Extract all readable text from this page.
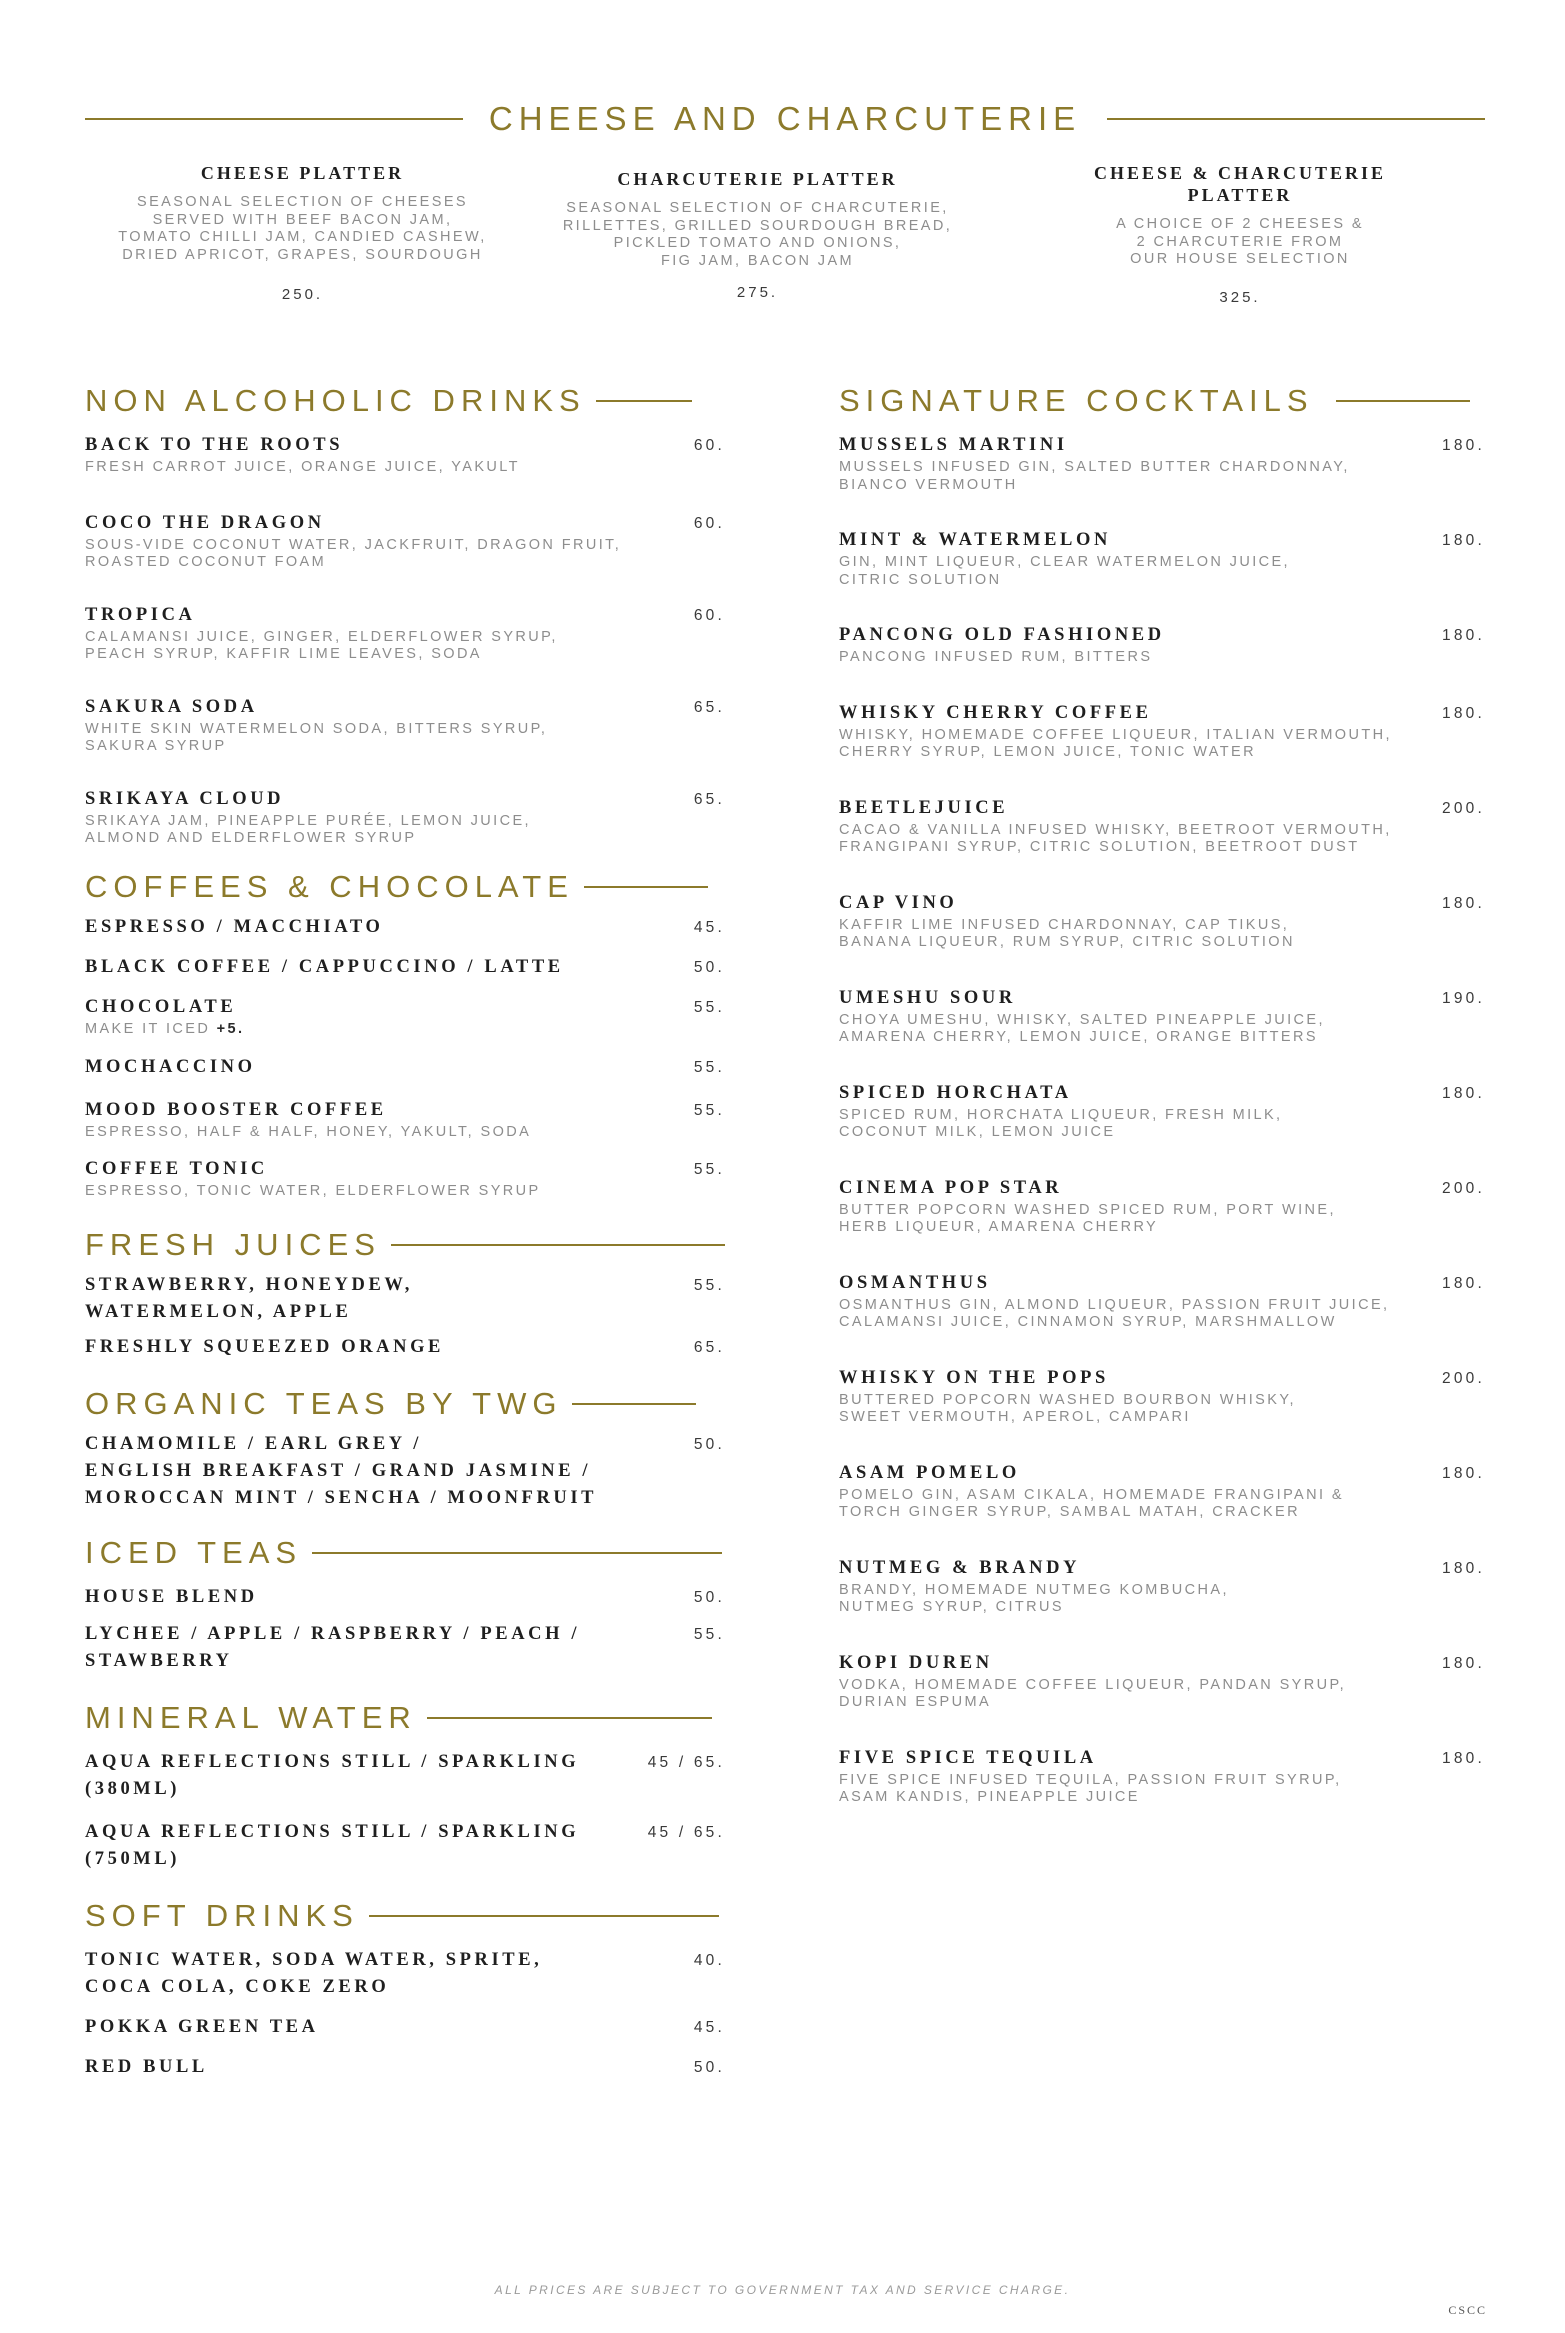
CHEESE AND CHARCUTERIE
CHEESE PLATTER
SEASONAL SELECTION OF CHEESES
SERVED WITH BEEF BACON JAM,
TOMATO CHILLI JAM, CANDIED CASHEW,
DRIED APRICOT, GRAPES, SOURDOUGH
250.
CHARCUTERIE PLATTER
SEASONAL SELECTION OF CHARCUTERIE,
RILLETTES, GRILLED SOURDOUGH BREAD,
PICKLED TOMATO AND ONIONS,
FIG JAM, BACON JAM
275.
CHEESE & CHARCUTERIE PLATTER
A CHOICE OF 2 CHEESES &
2 CHARCUTERIE FROM
OUR HOUSE SELECTION
325.
NON ALCOHOLIC DRINKS
BACK TO THE ROOTS	60.
FRESH CARROT JUICE, ORANGE JUICE, YAKULT
COCO THE DRAGON	60.
SOUS-VIDE COCONUT WATER, JACKFRUIT, DRAGON FRUIT,
ROASTED COCONUT FOAM
TROPICA	60.
CALAMANSI JUICE, GINGER, ELDERFLOWER SYRUP,
PEACH SYRUP, KAFFIR LIME LEAVES, SODA
SAKURA SODA	65.
WHITE SKIN WATERMELON SODA, BITTERS SYRUP,
SAKURA SYRUP
SRIKAYA CLOUD	65.
SRIKAYA JAM, PINEAPPLE PURÉE, LEMON JUICE,
ALMOND AND ELDERFLOWER SYRUP
COFFEES & CHOCOLATE
ESPRESSO / MACCHIATO	45.
BLACK COFFEE / CAPPUCCINO / LATTE	50.
CHOCOLATE	55.
MAKE IT ICED +5.
MOCHACCINO	55.
MOOD BOOSTER COFFEE	55.
ESPRESSO, HALF & HALF, HONEY, YAKULT, SODA
COFFEE TONIC	55.
ESPRESSO, TONIC WATER, ELDERFLOWER SYRUP
FRESH JUICES
STRAWBERRY, HONEYDEW,
WATERMELON, APPLE
55.
FRESHLY SQUEEZED ORANGE	65.
ORGANIC TEAS BY TWG
CHAMOMILE / EARL GREY /
ENGLISH BREAKFAST / GRAND JASMINE /
MOROCCAN MINT / SENCHA / MOONFRUIT
50.
ICED TEAS
HOUSE BLEND	50.
LYCHEE / APPLE / RASPBERRY / PEACH /
STAWBERRY
55.
MINERAL WATER
AQUA REFLECTIONS STILL / SPARKLING
(380ML)
45 / 65.
AQUA REFLECTIONS STILL / SPARKLING
(750ML)
45 / 65.
SOFT DRINKS
TONIC WATER, SODA WATER, SPRITE,
COCA COLA, COKE ZERO
40.
POKKA GREEN TEA	45.
RED BULL	50.
SIGNATURE COCKTAILS
MUSSELS MARTINI	180.
MUSSELS INFUSED GIN, SALTED BUTTER CHARDONNAY,
BIANCO VERMOUTH
MINT & WATERMELON	180.
GIN, MINT LIQUEUR, CLEAR WATERMELON JUICE,
CITRIC SOLUTION
PANCONG OLD FASHIONED	180.
PANCONG INFUSED RUM, BITTERS
WHISKY CHERRY COFFEE	180.
WHISKY, HOMEMADE COFFEE LIQUEUR, ITALIAN VERMOUTH,
CHERRY SYRUP, LEMON JUICE, TONIC WATER
BEETLEJUICE	200.
CACAO & VANILLA INFUSED WHISKY, BEETROOT VERMOUTH,
FRANGIPANI SYRUP, CITRIC SOLUTION, BEETROOT DUST
CAP VINO	180.
KAFFIR LIME INFUSED CHARDONNAY, CAP TIKUS,
BANANA LIQUEUR, RUM SYRUP, CITRIC SOLUTION
UMESHU SOUR	190.
CHOYA UMESHU, WHISKY, SALTED PINEAPPLE JUICE,
AMARENA CHERRY, LEMON JUICE, ORANGE BITTERS
SPICED HORCHATA	180.
SPICED RUM, HORCHATA LIQUEUR, FRESH MILK,
COCONUT MILK, LEMON JUICE
CINEMA POP STAR	200.
BUTTER POPCORN WASHED SPICED RUM, PORT WINE,
HERB LIQUEUR, AMARENA CHERRY
OSMANTHUS	180.
OSMANTHUS GIN, ALMOND LIQUEUR, PASSION FRUIT JUICE,
CALAMANSI JUICE, CINNAMON SYRUP, MARSHMALLOW
WHISKY ON THE POPS	200.
BUTTERED POPCORN WASHED BOURBON WHISKY,
SWEET VERMOUTH, APEROL, CAMPARI
ASAM POMELO	180.
POMELO GIN, ASAM CIKALA, HOMEMADE FRANGIPANI &
TORCH GINGER SYRUP, SAMBAL MATAH, CRACKER
NUTMEG & BRANDY	180.
BRANDY, HOMEMADE NUTMEG KOMBUCHA,
NUTMEG SYRUP, CITRUS
KOPI DUREN	180.
VODKA, HOMEMADE COFFEE LIQUEUR, PANDAN SYRUP,
DURIAN ESPUMA
FIVE SPICE TEQUILA	180.
FIVE SPICE INFUSED TEQUILA, PASSION FRUIT SYRUP,
ASAM KANDIS, PINEAPPLE JUICE
ALL PRICES ARE SUBJECT TO GOVERNMENT TAX AND SERVICE CHARGE.
CSCC
